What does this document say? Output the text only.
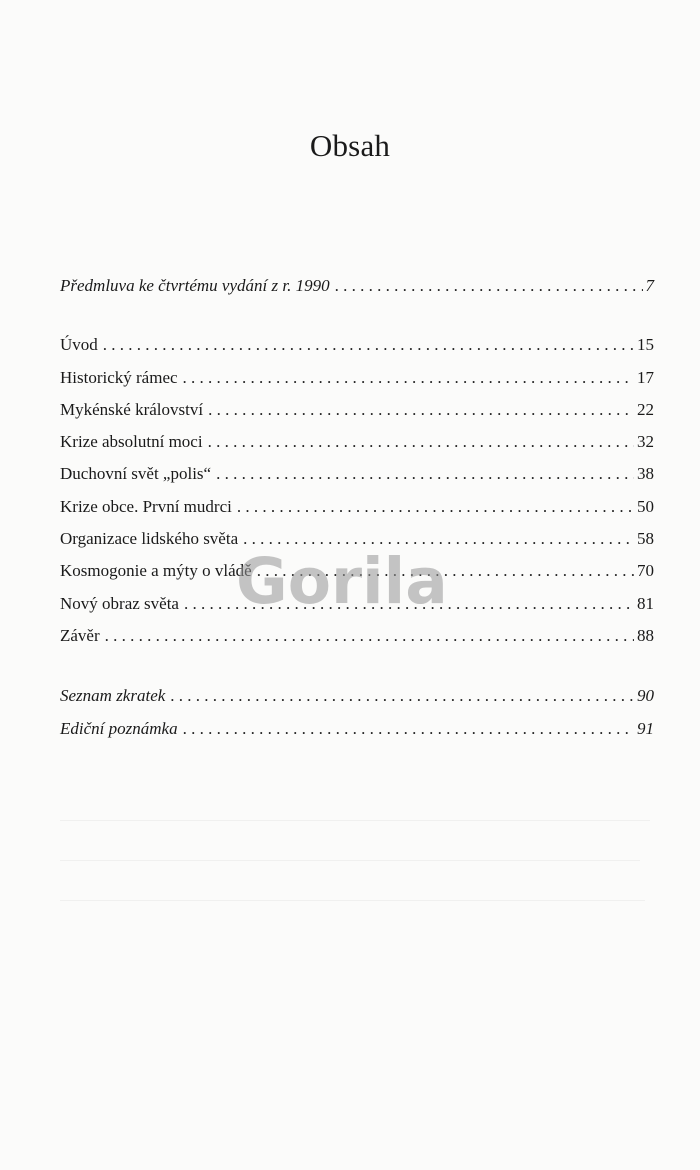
Obsah
Předmluva ke čtvrtému vydání z r. 1990 . . .	7
Úvod . . .	15
Historický rámec . . .	17
Mykénské království . . .	22
Krize absolutní moci . . .	32
Duchovní svět „polis“ . . .	38
Krize obce. První mudrci . . .	50
Organizace lidského světa . . .	58
Kosmogonie a mýty o vládě . . .	70
Nový obraz světa . . .	81
Závěr . . .	88
Seznam zkratek . . .	90
Ediční poznámka . . .	91
Gorila
